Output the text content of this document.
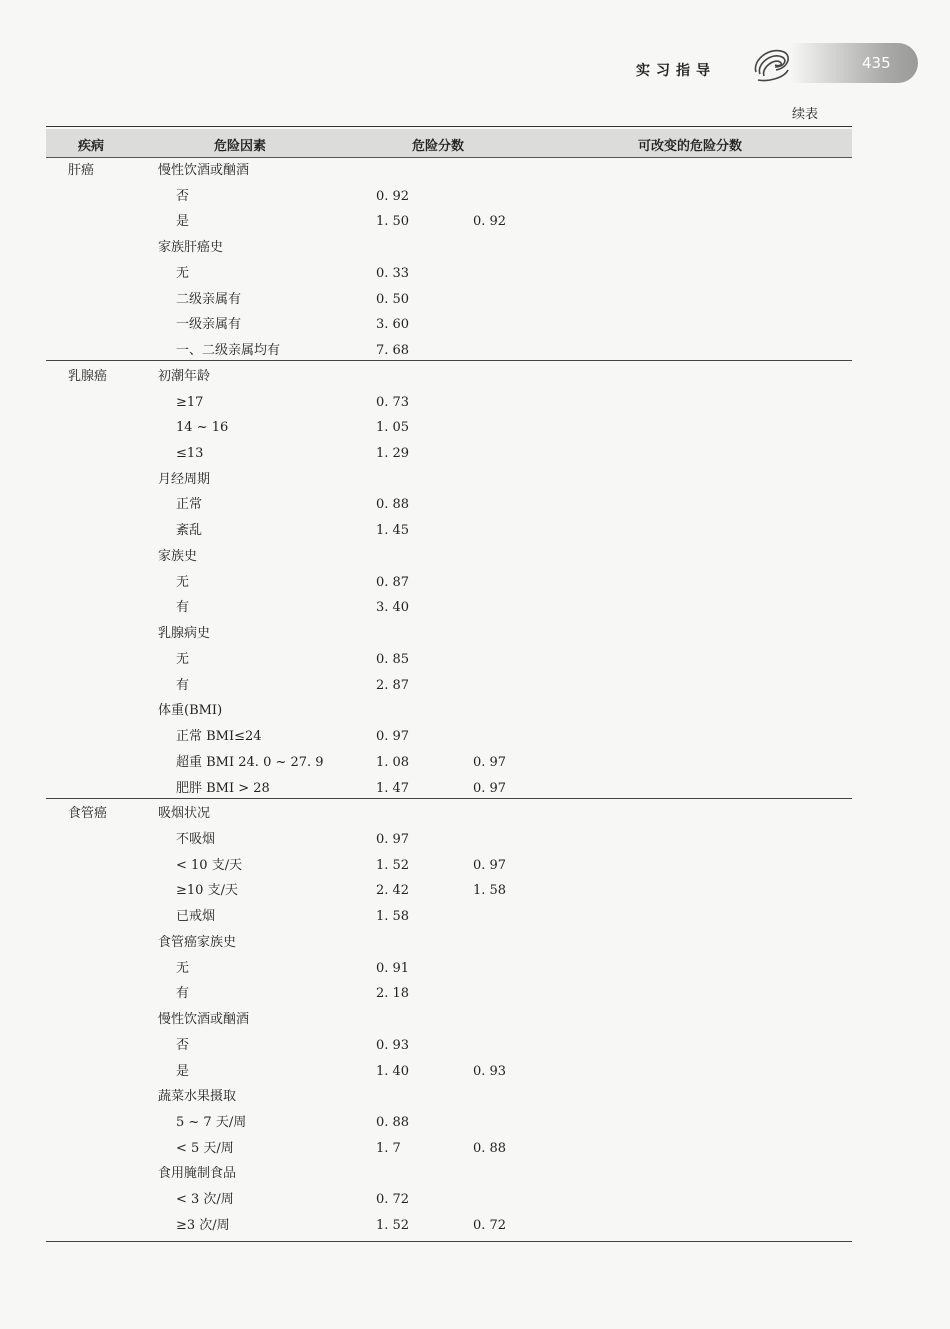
实习指导	435
续表
疾病	危险因素	危险分数	可改变的危险分数
肝癌	慢性饮酒或酗酒
否	0. 92
是	1. 50	0. 92
家族肝癌史
无	0. 33
二级亲属有	0. 50
一级亲属有	3. 60
一、二级亲属均有	7. 68
乳腺癌	初潮年龄
≥17	0. 73
14 ~ 16	1. 05
≤13	1. 29
月经周期
正常	0. 88
紊乱	1. 45
家族史
无	0. 87
有	3. 40
乳腺病史
无	0. 85
有	2. 87
体重(BMI)
正常 BMI≤24	0. 97
超重 BMI 24. 0 ~ 27. 9	1. 08	0. 97
肥胖 BMI > 28	1. 47	0. 97
食管癌	吸烟状况
不吸烟	0. 97
< 10 支/天	1. 52	0. 97
≥10 支/天	2. 42	1. 58
已戒烟	1. 58
食管癌家族史
无	0. 91
有	2. 18
慢性饮酒或酗酒
否	0. 93
是	1. 40	0. 93
蔬菜水果摄取
5 ~ 7 天/周	0. 88
< 5 天/周	1. 7	0. 88
食用腌制食品
< 3 次/周	0. 72
≥3 次/周	1. 52	0. 72
